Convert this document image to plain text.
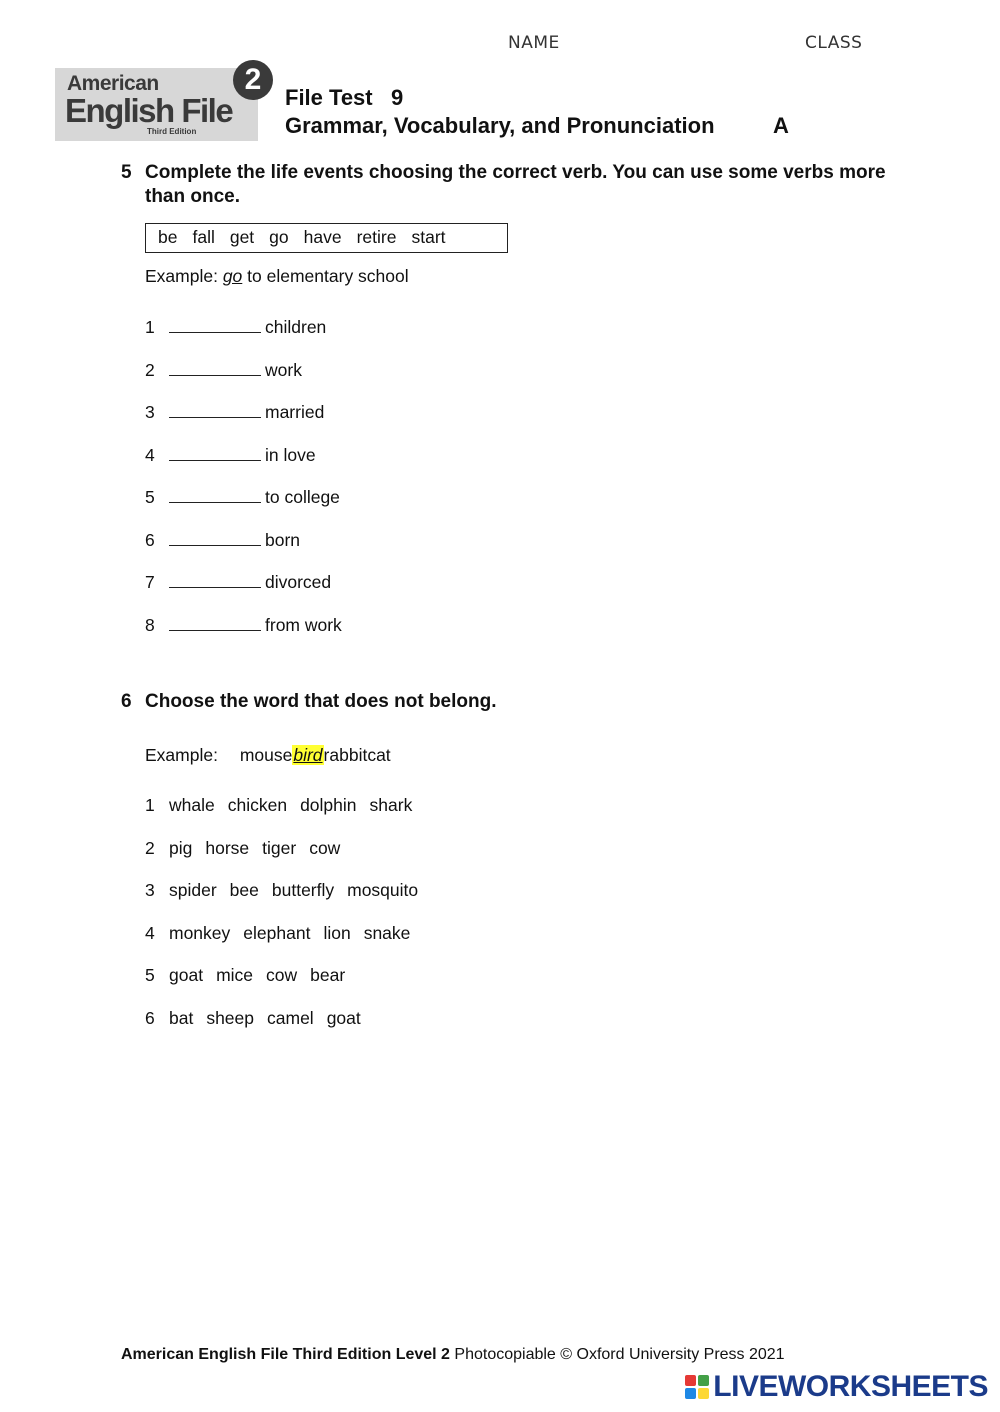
NAME	CLASS
American
English File
Third Edition
2
File Test   9
Grammar, Vocabulary, and Pronunciation	A
5 Complete the life events choosing the correct verb. You can use some verbs more than once.
be fall get go have retire start
Example: go to elementary school
1	children
2	work
3	married
4	in love
5	to college
6	born
7	divorced
8	from work
6 Choose the word that does not belong.
Example: mousebirdrabbitcat
1 whale chicken dolphin shark
2 pig horse tiger cow
3 spider bee butterfly mosquito
4 monkey elephant lion snake
5 goat mice cow bear
6 bat sheep camel goat
American English File Third Edition Level 2 Photocopiable © Oxford University Press 2021
LIVEWORKSHEETS
